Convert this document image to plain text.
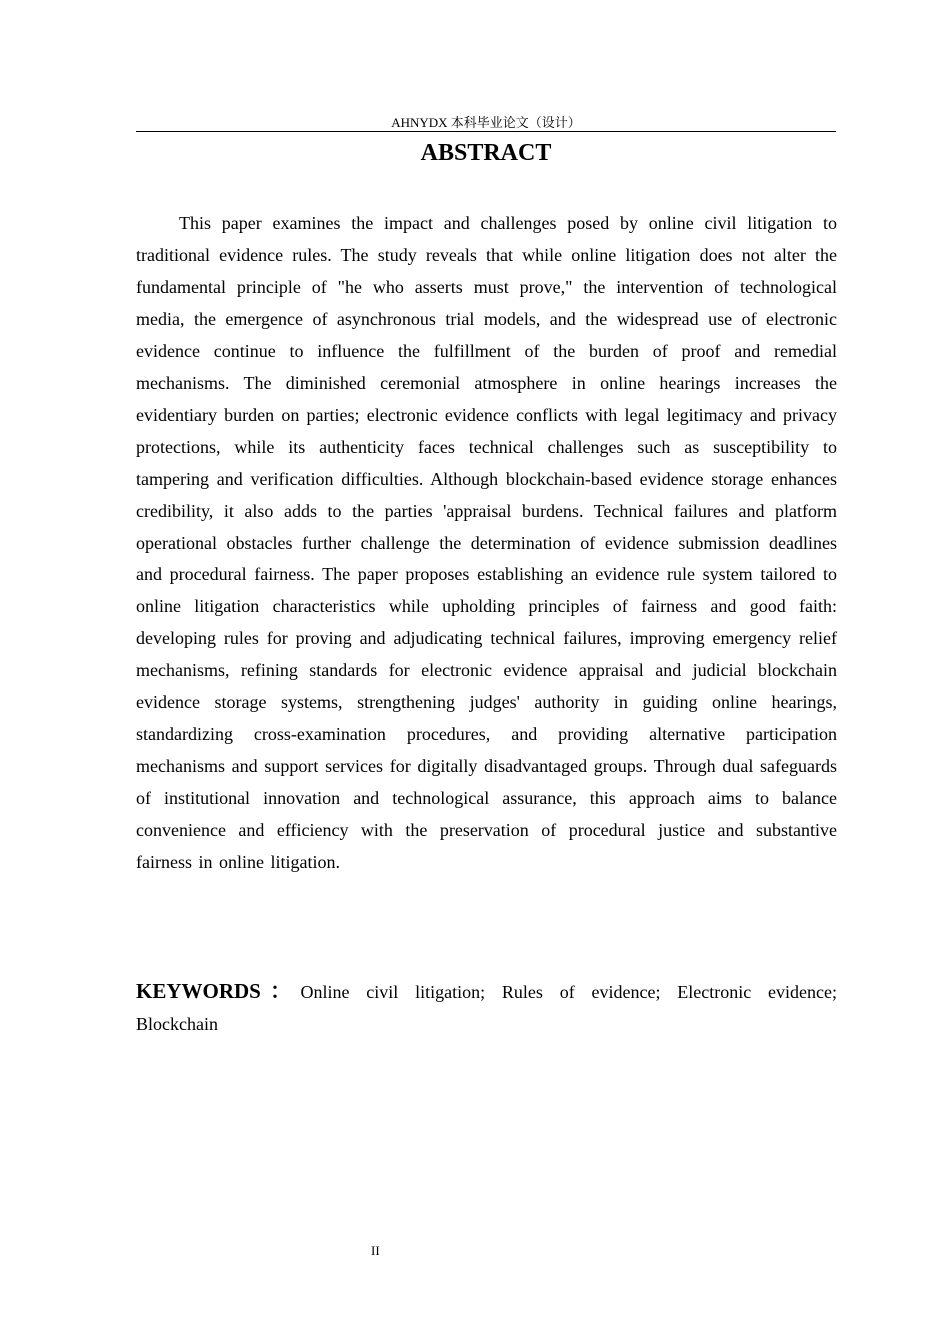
AHNYDX 本科毕业论文（设计）
ABSTRACT

This paper examines the impact and challenges posed by online civil litigation to traditional evidence rules. The study reveals that while online litigation does not alter the fundamental principle of "he who asserts must prove," the intervention of technological media, the emergence of asynchronous trial models, and the widespread use of electronic evidence continue to influence the fulfillment of the burden of proof and remedial mechanisms. The diminished ceremonial atmosphere in online hearings increases the evidentiary burden on parties; electronic evidence conflicts with legal legitimacy and privacy protections, while its authenticity faces technical challenges such as susceptibility to tampering and verification difficulties. Although blockchain-based evidence storage enhances credibility, it also adds to the parties 'appraisal burdens. Technical failures and platform operational obstacles further challenge the determination of evidence submission deadlines and procedural fairness. The paper proposes establishing an evidence rule system tailored to online litigation characteristics while upholding principles of fairness and good faith: developing rules for proving and adjudicating technical failures, improving emergency relief mechanisms, refining standards for electronic evidence appraisal and judicial blockchain evidence storage systems, strengthening judges' authority in guiding online hearings, standardizing cross-examination procedures, and providing alternative participation mechanisms and support services for digitally disadvantaged groups. Through dual safeguards of institutional innovation and technological assurance, this approach aims to balance convenience and efficiency with the preservation of procedural justice and substantive fairness in online litigation.

KEYWORDS：Online civil litigation; Rules of evidence; Electronic evidence; Blockchain

II
